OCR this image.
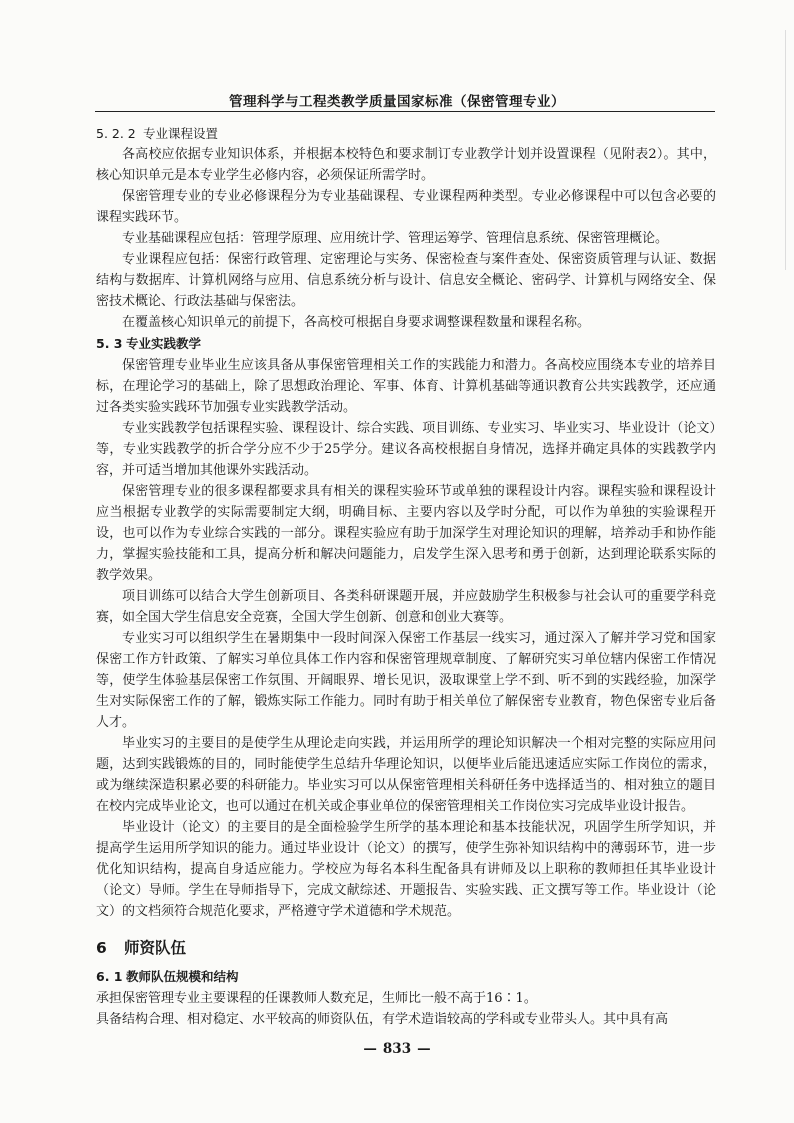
管理科学与工程类教学质量国家标准（保密管理专业）
5. 2. 2 专业课程设置

各高校应依据专业知识体系，并根据本校特色和要求制订专业教学计划并设置课程（见附表2）。其中，核心知识单元是本专业学生必修内容，必须保证所需学时。

保密管理专业的专业必修课程分为专业基础课程、专业课程两种类型。专业必修课程中可以包含必要的课程实践环节。

专业基础课程应包括：管理学原理、应用统计学、管理运筹学、管理信息系统、保密管理概论。

专业课程应包括：保密行政管理、定密理论与实务、保密检查与案件查处、保密资质管理与认证、数据结构与数据库、计算机网络与应用、信息系统分析与设计、信息安全概论、密码学、计算机与网络安全、保密技术概论、行政法基础与保密法。

在覆盖核心知识单元的前提下，各高校可根据自身要求调整课程数量和课程名称。

5. 3 专业实践教学

保密管理专业毕业生应该具备从事保密管理相关工作的实践能力和潜力。各高校应围绕本专业的培养目标，在理论学习的基础上，除了思想政治理论、军事、体育、计算机基础等通识教育公共实践教学，还应通过各类实验实践环节加强专业实践教学活动。

专业实践教学包括课程实验、课程设计、综合实践、项目训练、专业实习、毕业实习、毕业设计（论文）等，专业实践教学的折合学分应不少于25学分。建议各高校根据自身情况，选择并确定具体的实践教学内容，并可适当增加其他课外实践活动。

保密管理专业的很多课程都要求具有相关的课程实验环节或单独的课程设计内容。课程实验和课程设计应当根据专业教学的实际需要制定大纲，明确目标、主要内容以及学时分配，可以作为单独的实验课程开设，也可以作为专业综合实践的一部分。课程实验应有助于加深学生对理论知识的理解，培养动手和协作能力，掌握实验技能和工具，提高分析和解决问题能力，启发学生深入思考和勇于创新，达到理论联系实际的教学效果。

项目训练可以结合大学生创新项目、各类科研课题开展，并应鼓励学生积极参与社会认可的重要学科竞赛，如全国大学生信息安全竞赛，全国大学生创新、创意和创业大赛等。

专业实习可以组织学生在暑期集中一段时间深入保密工作基层一线实习，通过深入了解并学习党和国家保密工作方针政策、了解实习单位具体工作内容和保密管理规章制度、了解研究实习单位辖内保密工作情况等，使学生体验基层保密工作氛围、开阔眼界、增长见识，汲取课堂上学不到、听不到的实践经验，加深学生对实际保密工作的了解，锻炼实际工作能力。同时有助于相关单位了解保密专业教育，物色保密专业后备人才。

毕业实习的主要目的是使学生从理论走向实践，并运用所学的理论知识解决一个相对完整的实际应用问题，达到实践锻炼的目的，同时能使学生总结升华理论知识，以便毕业后能迅速适应实际工作岗位的需求，或为继续深造积累必要的科研能力。毕业实习可以从保密管理相关科研任务中选择适当的、相对独立的题目在校内完成毕业论文，也可以通过在机关或企事业单位的保密管理相关工作岗位实习完成毕业设计报告。

毕业设计（论文）的主要目的是全面检验学生所学的基本理论和基本技能状况，巩固学生所学知识，并提高学生运用所学知识的能力。通过毕业设计（论文）的撰写，使学生弥补知识结构中的薄弱环节，进一步优化知识结构，提高自身适应能力。学校应为每名本科生配备具有讲师及以上职称的教师担任其毕业设计（论文）导师。学生在导师指导下，完成文献综述、开题报告、实验实践、正文撰写等工作。毕业设计（论文）的文档须符合规范化要求，严格遵守学术道德和学术规范。

6 师资队伍
6. 1 教师队伍规模和结构

承担保密管理专业主要课程的任课教师人数充足，生师比一般不高于16∶1。

具备结构合理、相对稳定、水平较高的师资队伍，有学术造诣较高的学科或专业带头人。其中具有高

— 833 —
